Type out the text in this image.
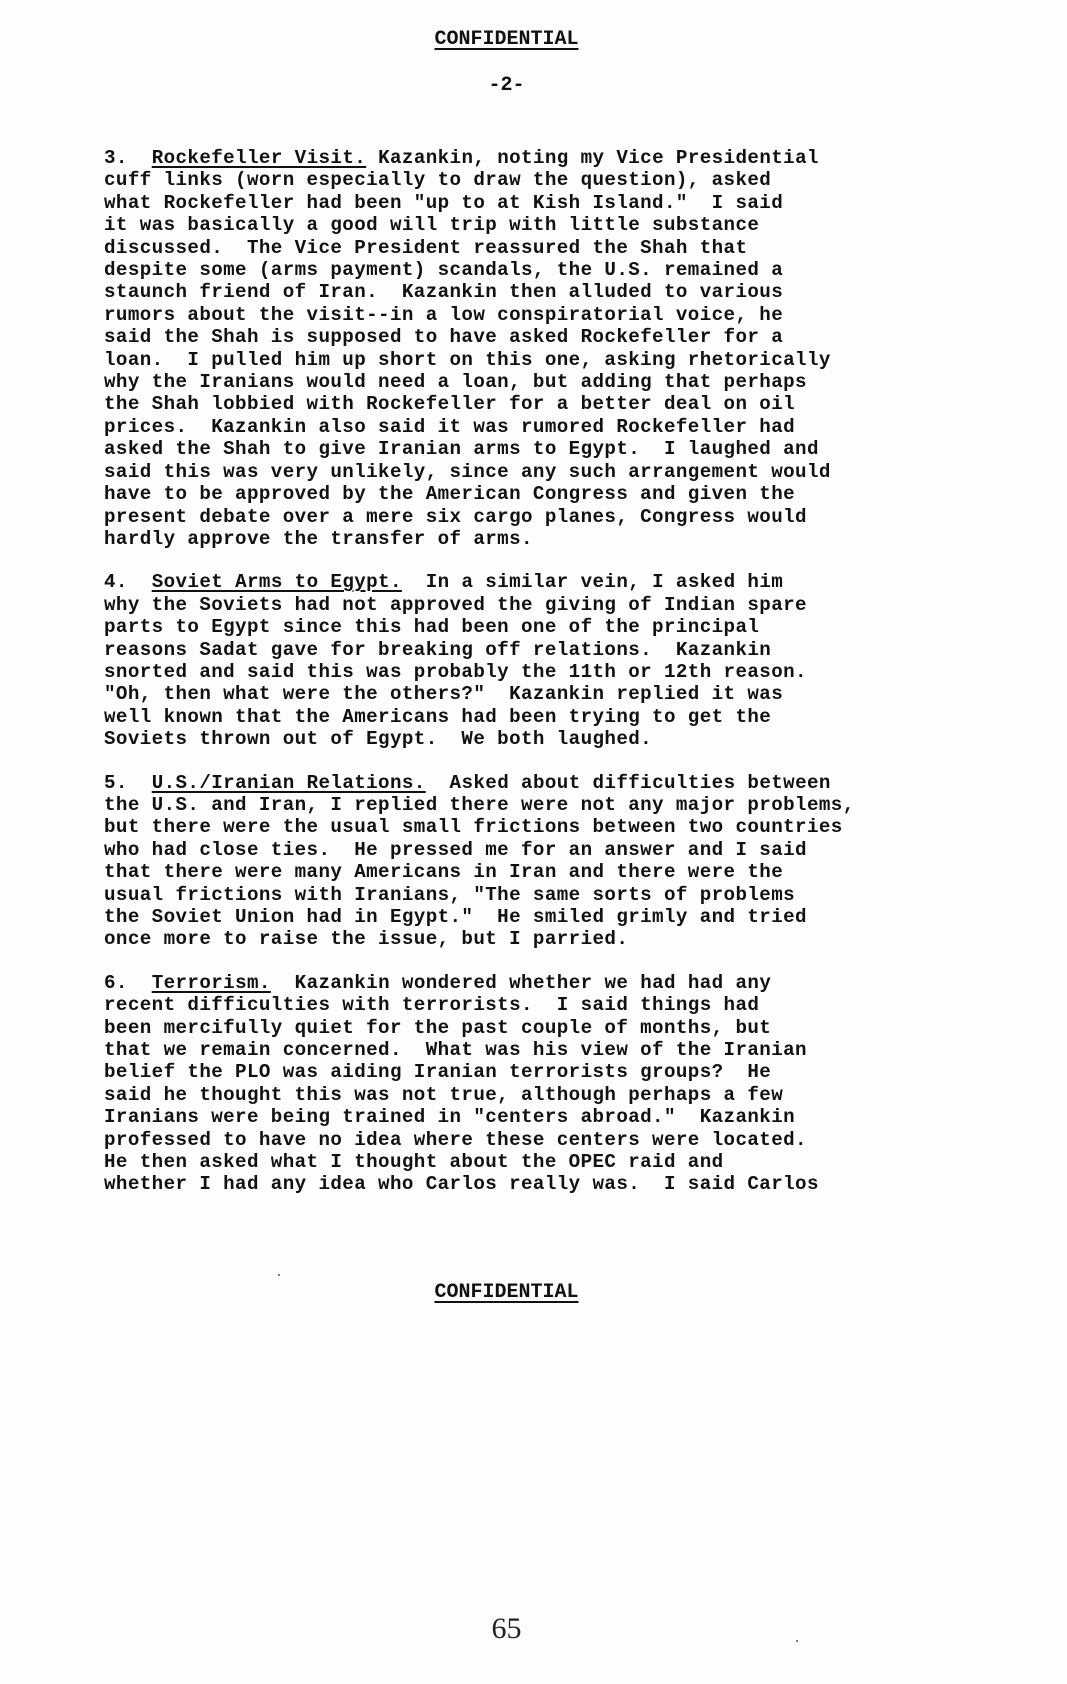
CONFIDENTIAL
-2-

3. Rockefeller Visit. Kazankin, noting my Vice Presidential
cuff links (worn especially to draw the question), asked
what Rockefeller had been "up to at Kish Island."  I said
it was basically a good will trip with little substance
discussed.  The Vice President reassured the Shah that
despite some (arms payment) scandals, the U.S. remained a
staunch friend of Iran.  Kazankin then alluded to various
rumors about the visit--in a low conspiratorial voice, he
said the Shah is supposed to have asked Rockefeller for a
loan.  I pulled him up short on this one, asking rhetorically
why the Iranians would need a loan, but adding that perhaps
the Shah lobbied with Rockefeller for a better deal on oil
prices.  Kazankin also said it was rumored Rockefeller had
asked the Shah to give Iranian arms to Egypt.  I laughed and
said this was very unlikely, since any such arrangement would
have to be approved by the American Congress and given the
present debate over a mere six cargo planes, Congress would
hardly approve the transfer of arms.

4. Soviet Arms to Egypt.  In a similar vein, I asked him
why the Soviets had not approved the giving of Indian spare
parts to Egypt since this had been one of the principal
reasons Sadat gave for breaking off relations.  Kazankin
snorted and said this was probably the 11th or 12th reason.
"Oh, then what were the others?"  Kazankin replied it was
well known that the Americans had been trying to get the
Soviets thrown out of Egypt.  We both laughed.

5. U.S./Iranian Relations.  Asked about difficulties between
the U.S. and Iran, I replied there were not any major problems,
but there were the usual small frictions between two countries
who had close ties.  He pressed me for an answer and I said
that there were many Americans in Iran and there were the
usual frictions with Iranians, "The same sorts of problems
the Soviet Union had in Egypt."  He smiled grimly and tried
once more to raise the issue, but I parried.

6. Terrorism.  Kazankin wondered whether we had had any
recent difficulties with terrorists.  I said things had
been mercifully quiet for the past couple of months, but
that we remain concerned.  What was his view of the Iranian
belief the PLO was aiding Iranian terrorists groups?  He
said he thought this was not true, although perhaps a few
Iranians were being trained in "centers abroad."  Kazankin
professed to have no idea where these centers were located.
He then asked what I thought about the OPEC raid and
whether I had any idea who Carlos really was.  I said Carlos

CONFIDENTIAL
65
